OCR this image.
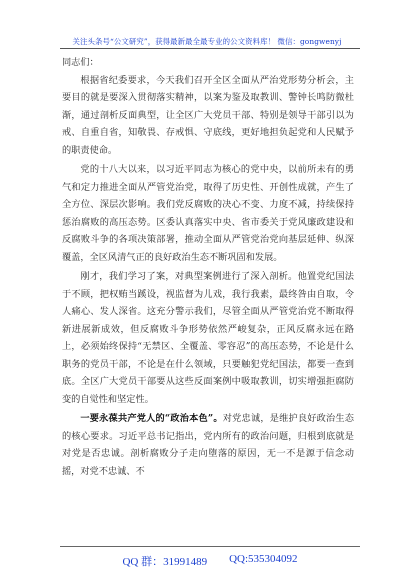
关注头条号“公文研究”，获得最新最全最专业的公文资料库！ 微信：gongwenyj

同志们：

根据省纪委要求，今天我们召开全区全面从严治党形势分析会，主要目的就是要深入贯彻落实精神，以案为鉴及取教训、警钟长鸣防微杜渐，通过剖析反面典型，让全区广大党员干部、特别是领导干部引以为戒、自重自省，知敬畏、存戒惧、守底线，更好地担负起党和人民赋予的职责使命。

党的十八大以来，以习近平同志为核心的党中央，以前所未有的勇气和定力推进全面从严管党治党，取得了历史性、开创性成就，产生了全方位、深层次影响。我们党反腐败的决心不变、力度不减，持续保持惩治腐败的高压态势。区委认真落实中央、省市委关于党风廉政建设和反腐败斗争的各项决策部署，推动全面从严管党治党向基层延伸、纵深覆盖，全区风清气正的良好政治生态不断巩固和发展。

刚才，我们学习了案，对典型案例进行了深入剖析。他置党纪国法于不顾，把权贿当蹊设，视监督为儿戏，我行我素，最终咎由自取，令人痛心、发人深省。这充分警示我们，尽管全面从严管党治党不断取得新进展新成效，但反腐败斗争形势依然严峻复杂，正风反腐永远在路上，必须始终保持“无禁区、全覆盖、零容忍”的高压态势，不论是什么职务的党员干部，不论是在什么领域，只要触犯党纪国法，都要一查到底。全区广大党员干部要从这些反面案例中吸取教训，切实增强拒腐防变的自觉性和坚定性。

一要永葆共产党人的“政治本色”。对党忠诚，是维护良好政治生态的核心要求。习近平总书记指出，党内所有的政治问题，归根到底就是对党是否忠诚。剖析腐败分子走向堕落的原因，无一不是源于信念动摇，对党不忠诚、不

QQ 群：31991489 QQ:535304092
